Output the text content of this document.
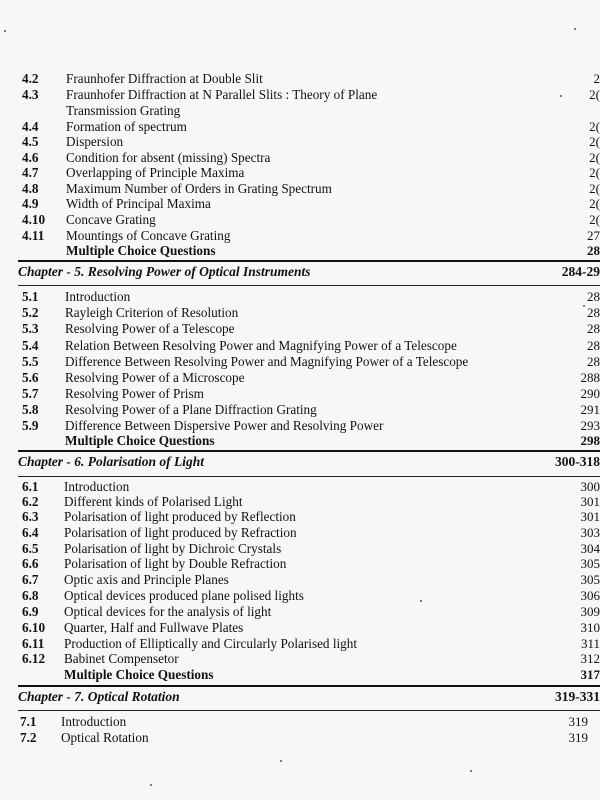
4.2 Fraunhofer Diffraction at Double Slit	2
4.3 Fraunhofer Diffraction at N Parallel Slits : Theory of Plane	2(
Transmission Grating
4.4 Formation of spectrum	2(
4.5 Dispersion	2(
4.6 Condition for absent (missing) Spectra	2(
4.7 Overlapping of Principle Maxima	2(
4.8 Maximum Number of Orders in Grating Spectrum	2(
4.9 Width of Principal Maxima	2(
4.10 Concave Grating	2(
4.11 Mountings of Concave Grating	27
Multiple Choice Questions	28
Chapter - 5. Resolving Power of Optical Instruments	284-29
5.1 Introduction	28
5.2 Rayleigh Criterion of Resolution	28
5.3 Resolving Power of a Telescope	28
5.4 Relation Between Resolving Power and Magnifying Power of a Telescope	28
5.5 Difference Between Resolving Power and Magnifying Power of a Telescope	28
5.6 Resolving Power of a Microscope	288
5.7 Resolving Power of Prism	290
5.8 Resolving Power of a Plane Diffraction Grating	291
5.9 Difference Between Dispersive Power and Resolving Power	293
Multiple Choice Questions	298
Chapter - 6. Polarisation of Light	300-318
6.1 Introduction	300
6.2 Different kinds of Polarised Light	301
6.3 Polarisation of light produced by Reflection	301
6.4 Polarisation of light produced by Refraction	303
6.5 Polarisation of light by Dichroic Crystals	304
6.6 Polarisation of light by Double Refraction	305
6.7 Optic axis and Principle Planes	305
6.8 Optical devices produced plane polised lights	306
6.9 Optical devices for the analysis of light	309
6.10 Quarter, Half and Fullwave Plates	310
6.11 Production of Elliptically and Circularly Polarised light	311
6.12 Babinet Compensetor	312
Multiple Choice Questions	317
Chapter - 7. Optical Rotation	319-331
7.1 Introduction	319
7.2 Optical Rotation	319
